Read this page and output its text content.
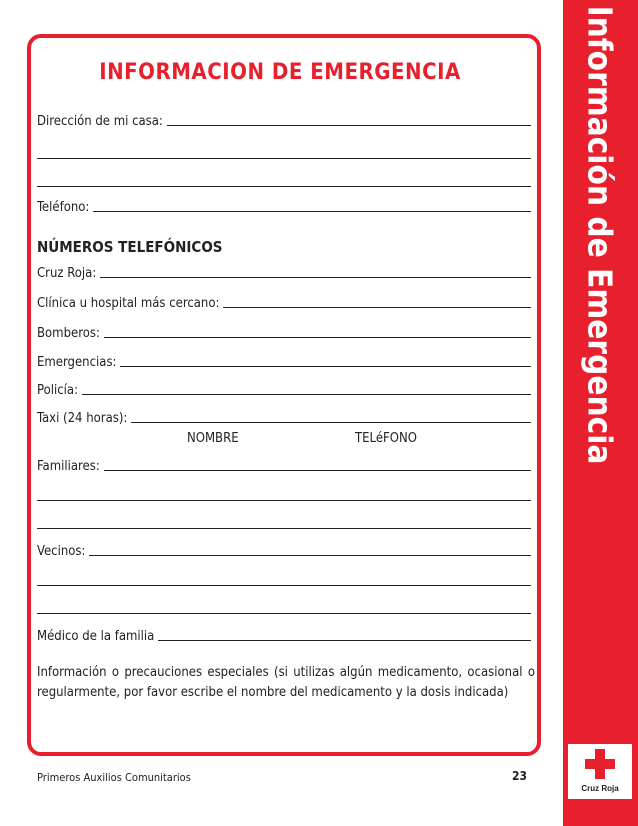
INFORMACION DE EMERGENCIA
Dirección de mi casa:
Teléfono:
NÚMEROS TELEFÓNICOS
Cruz Roja:
Clínica u hospital más cercano:
Bomberos:
Emergencias:
Policía:
Taxi (24 horas):
NOMBRE	TELéFONO
Familiares:
Vecinos:
Médico de la familia
Información o precauciones especiales (si utilizas algún medicamento, ocasional o regularmente, por favor escribe el nombre del medicamento y la dosis indicada)
Primeros Auxilios Comunitarios	23
Información de Emergencia
Cruz Roja
